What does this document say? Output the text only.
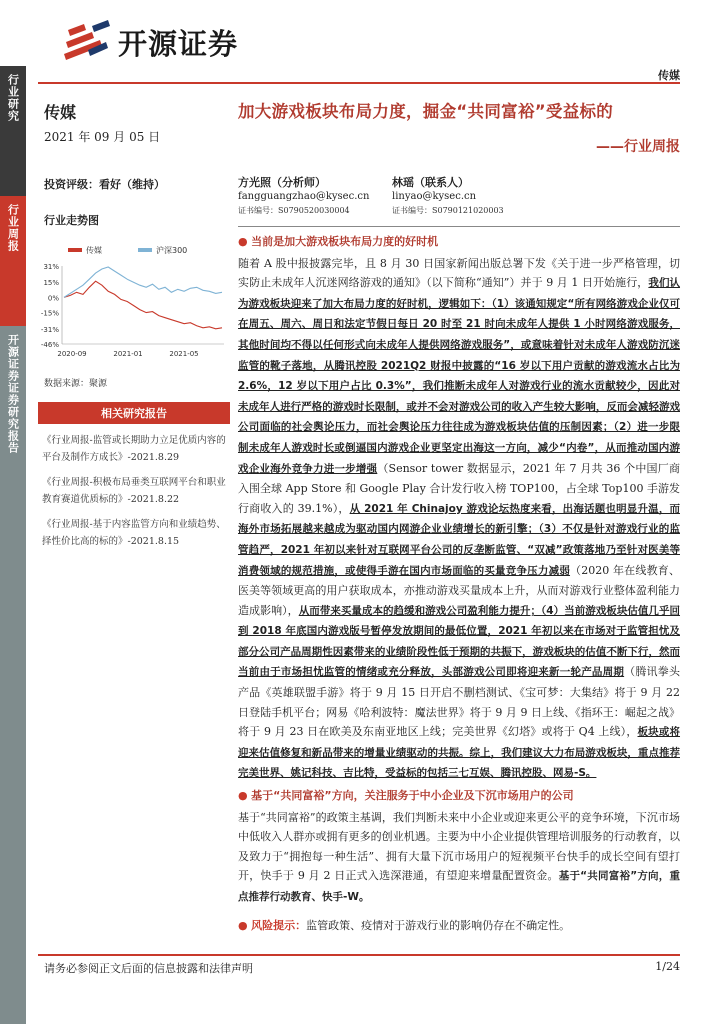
行业研究
行业周报
开源证券证券研究报告
开源证券
传媒
传媒
2021 年 09 月 05 日
投资评级：看好（维持）
行业走势图
传媒	沪深300
31%
15%
0%
-15%
-31%
-46%
2020-09	2021-01	2021-05
数据来源：聚源
相关研究报告
《行业周报-监管或长期助力立足优质内容的平台及制作方成长》-2021.8.29
《行业周报-积极布局垂类互联网平台和职业教育赛道优质标的》-2021.8.22
《行业周报-基于内容监管方向和业绩趋势、择性价比高的标的》-2021.8.15
加大游戏板块布局力度，掘金“共同富裕”受益标的
——行业周报
方光照（分析师）
fangguangzhao@kysec.cn
证书编号：S0790520030004
林瑶（联系人）
linyao@kysec.cn
证书编号：S0790121020003
● 当前是加大游戏板块布局力度的好时机
随着 A 股中报披露完毕，且 8 月 30 日国家新闻出版总署下发《关于进一步严格管理，切实防止未成年人沉迷网络游戏的通知》（以下简称“通知”）并于 9 月 1 日开始施行，我们认为游戏板块迎来了加大布局力度的好时机，逻辑如下：（1）该通知规定“所有网络游戏企业仅可在周五、周六、周日和法定节假日每日 20 时至 21 时向未成年人提供 1 小时网络游戏服务，其他时间均不得以任何形式向未成年人提供网络游戏服务”，或意味着针对未成年人游戏防沉迷监管的靴子落地，从腾讯控股 2021Q2 财报中披露的“16 岁以下用户贡献的游戏流水占比为 2.6%，12 岁以下用户占比 0.3%”，我们推断未成年人对游戏行业的流水贡献较少，因此对未成年人进行严格的游戏时长限制，或并不会对游戏公司的收入产生较大影响，反而会减轻游戏公司面临的社会舆论压力，而社会舆论压力往往成为游戏板块估值的压制因素；（2）进一步限制未成年人游戏时长或倒逼国内游戏企业更坚定出海这一方向，减少“内卷”，从而推动国内游戏企业海外竞争力进一步增强（Sensor tower 数据显示，2021 年 7 月共 36 个中国厂商入围全球 App Store 和 Google Play 合计发行收入榜 TOP100，占全球 Top100 手游发行商收入的 39.1%），从 2021 年 Chinajoy 游戏论坛热度来看，出海话题也明显升温，而海外市场拓展越来越成为驱动国内网游企业业绩增长的新引擎；（3）不仅是针对游戏行业的监管趋严，2021 年初以来针对互联网平台公司的反垄断监管、“双减”政策落地乃至针对医美等消费领域的规范措施，或使得手游在国内市场面临的买量竞争压力减弱（2020 年在线教育、医美等领域更高的用户获取成本，亦推动游戏买量成本上升，从而对游戏行业整体盈利能力造成影响），从而带来买量成本的趋缓和游戏公司盈利能力提升；（4）当前游戏板块估值几乎回到 2018 年底国内游戏版号暂停发放期间的最低位置，2021 年初以来在市场对于监管担忧及部分公司产品周期性因素带来的业绩阶段性低于预期的共振下，游戏板块的估值不断下行，然而当前由于市场担忧监管的情绪或充分释放，头部游戏公司即将迎来新一轮产品周期（腾讯拳头产品《英雄联盟手游》将于 9 月 15 日开启不删档测试、《宝可梦：大集结》将于 9 月 22 日登陆手机平台；网易《哈利波特：魔法世界》将于 9 月 9 日上线、《指环王：崛起之战》将于 9 月 23 日在欧美及东南亚地区上线；完美世界《幻塔》或将于 Q4 上线），板块或将迎来估值修复和新品带来的增量业绩驱动的共振。综上，我们建议大力布局游戏板块，重点推荐完美世界、姚记科技、吉比特，受益标的包括三七互娱、腾讯控股、网易-S。
● 基于“共同富裕”方向，关注服务于中小企业及下沉市场用户的公司
基于“共同富裕”的政策主基调，我们判断未来中小企业或迎来更公平的竞争环境，下沉市场中低收入人群亦或拥有更多的创业机遇。主要为中小企业提供管理培训服务的行动教育，以及致力于“拥抱每一种生活”、拥有大量下沉市场用户的短视频平台快手的成长空间有望打开，快手于 9 月 2 日正式入选深港通，有望迎来增量配置资金。基于“共同富裕”方向，重点推荐行动教育、快手-W。
● 风险提示：监管政策、疫情对于游戏行业的影响仍存在不确定性。
请务必参阅正文后面的信息披露和法律声明	1/24
